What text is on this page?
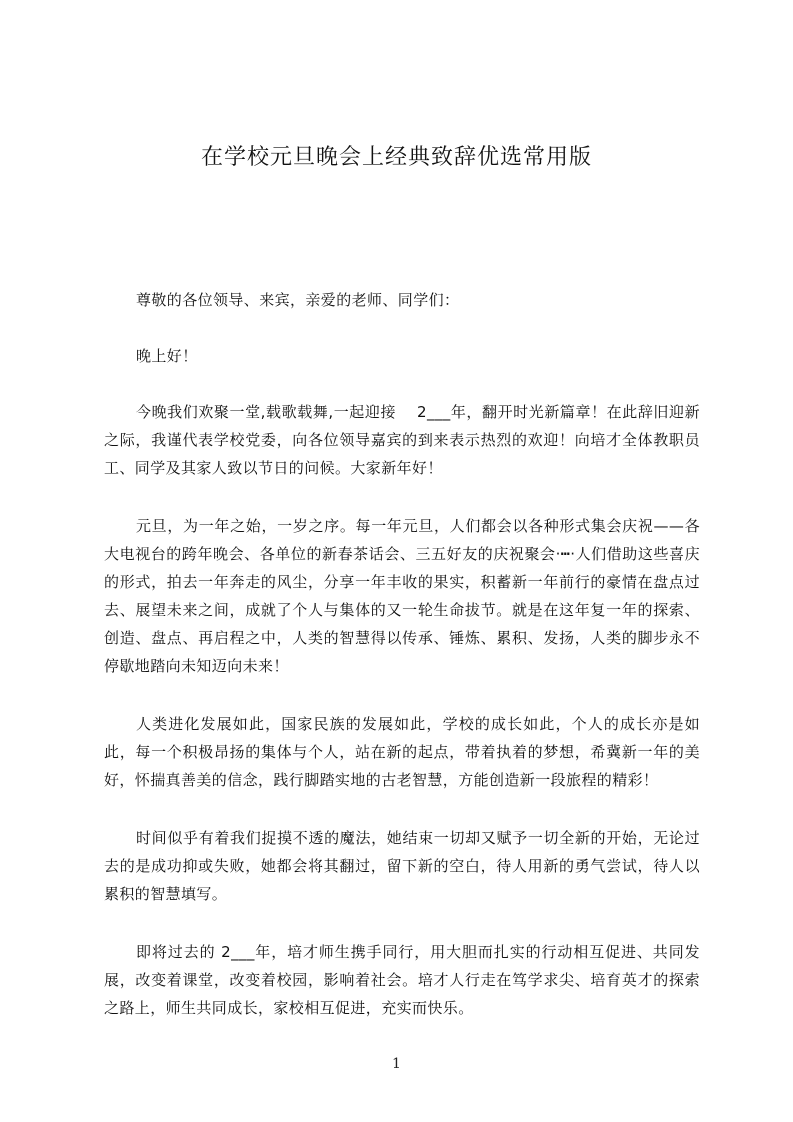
在学校元旦晚会上经典致辞优选常用版

尊敬的各位领导、来宾，亲爱的老师、同学们：

晚上好！

今晚我们欢聚一堂,载歌载舞,一起迎接　 2___年，翻开时光新篇章！在此辞旧迎新之际，我谨代表学校党委，向各位领导嘉宾的到来表示热烈的欢迎！向培才全体教职员工、同学及其家人致以节日的问候。大家新年好！

元旦，为一年之始，一岁之序。每一年元旦，人们都会以各种形式集会庆祝——各大电视台的跨年晚会、各单位的新春茶话会、三五好友的庆祝聚会·┅·人们借助这些喜庆的形式，拍去一年奔走的风尘，分享一年丰收的果实，积蓄新一年前行的豪情在盘点过去、展望未来之间，成就了个人与集体的又一轮生命拔节。就是在这年复一年的探索、创造、盘点、再启程之中，人类的智慧得以传承、锤炼、累积、发扬，人类的脚步永不停歇地踏向未知迈向未来！

人类进化发展如此，国家民族的发展如此，学校的成长如此，个人的成长亦是如此，每一个积极昂扬的集体与个人，站在新的起点，带着执着的梦想，希冀新一年的美好，怀揣真善美的信念，践行脚踏实地的古老智慧，方能创造新一段旅程的精彩！

时间似乎有着我们捉摸不透的魔法，她结束一切却又赋予一切全新的开始，无论过去的是成功抑或失败，她都会将其翻过，留下新的空白，待人用新的勇气尝试，待人以累积的智慧填写。

即将过去的 2___年，培才师生携手同行，用大胆而扎实的行动相互促进、共同发展，改变着课堂，改变着校园，影响着社会。培才人行走在笃学求尖、培育英才的探索之路上，师生共同成长，家校相互促进，充实而快乐。

1
